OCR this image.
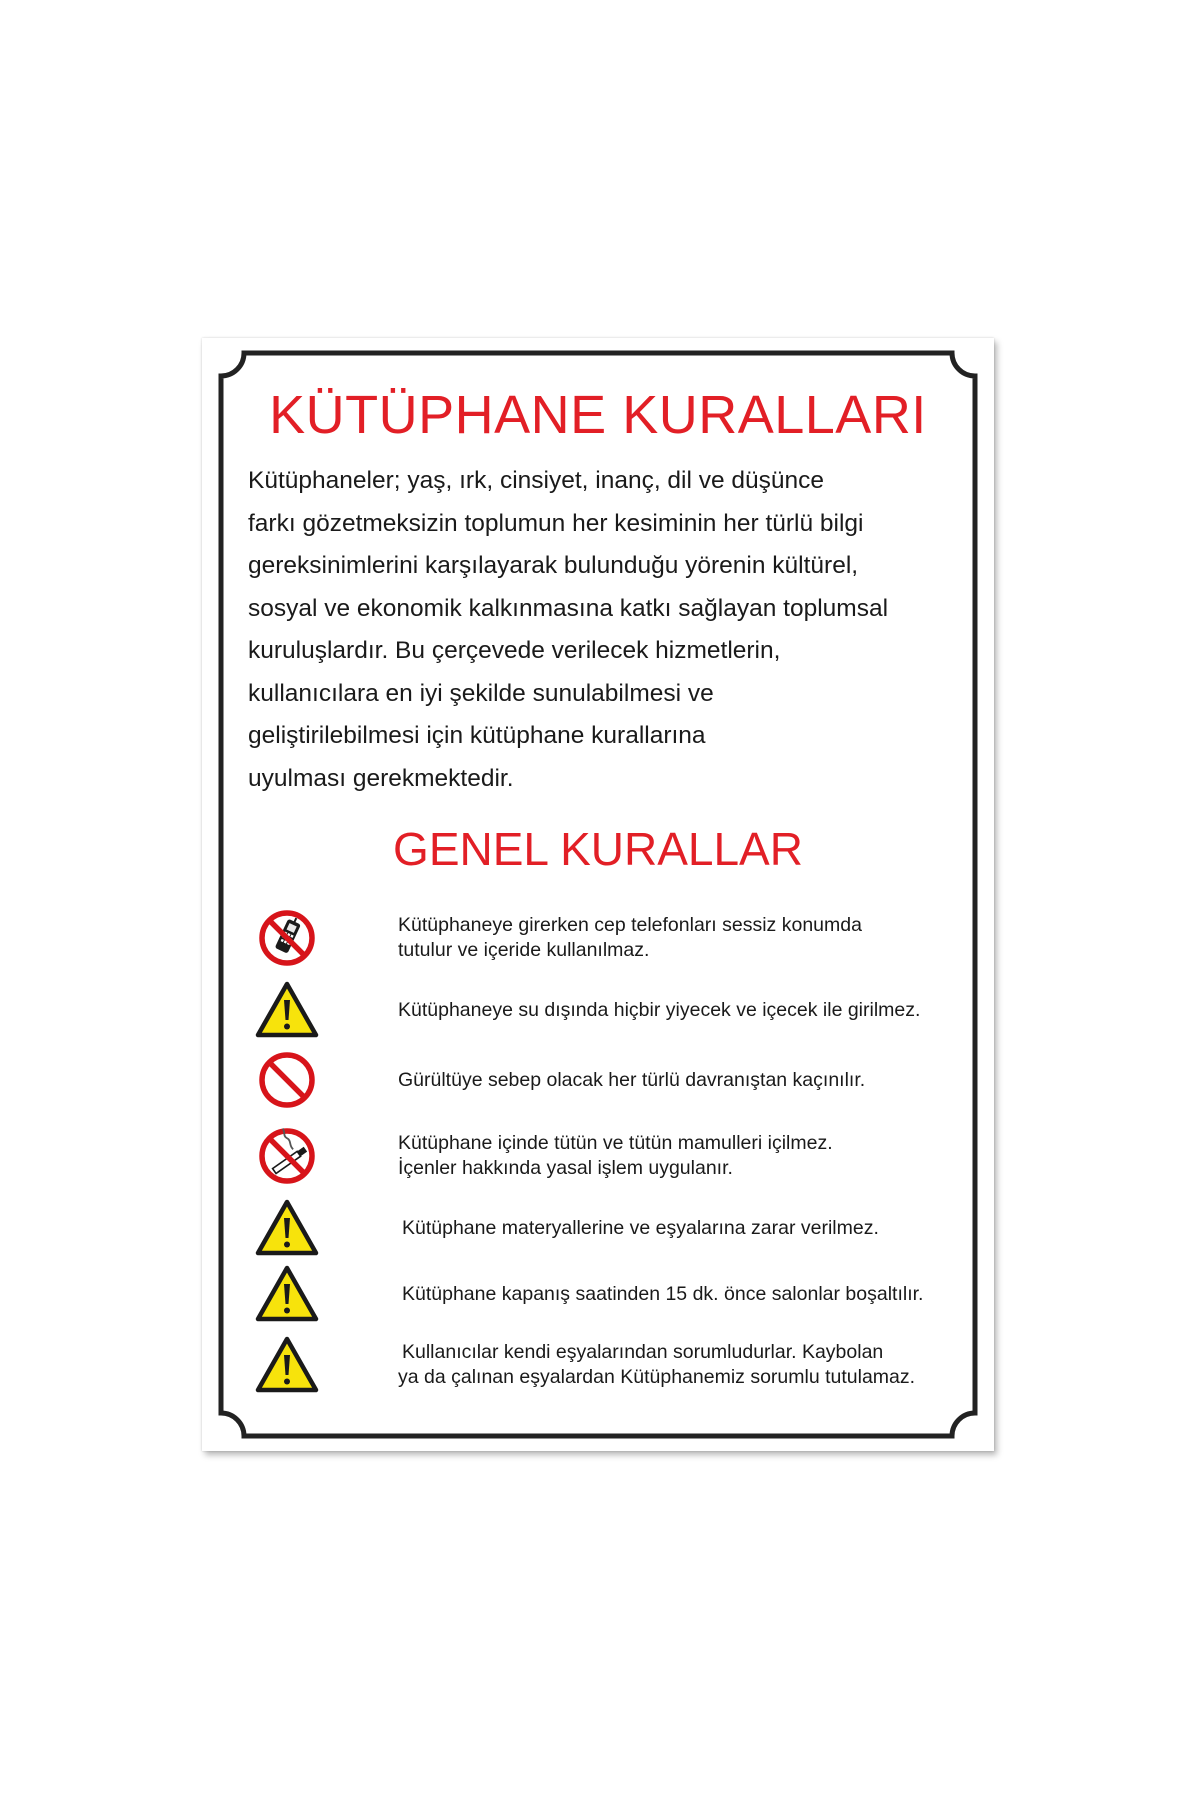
KÜTÜPHANE KURALLARI

Kütüphaneler; yaş, ırk, cinsiyet, inanç, dil ve düşünce
farkı gözetmeksizin toplumun her kesiminin her türlü bilgi
gereksinimlerini karşılayarak bulunduğu yörenin kültürel,
sosyal ve ekonomik kalkınmasına katkı sağlayan toplumsal
kuruluşlardır. Bu çerçevede verilecek hizmetlerin,
kullanıcılara en iyi şekilde sunulabilmesi ve
geliştirilebilmesi için kütüphane kurallarına
uyulması gerekmektedir.

GENEL KURALLAR
Kütüphaneye girerken cep telefonları sessiz konumda
tutulur ve içeride kullanılmaz.
Kütüphaneye su dışında hiçbir yiyecek ve içecek ile girilmez.
Gürültüye sebep olacak her türlü davranıştan kaçınılır.
Kütüphane içinde tütün ve tütün mamulleri içilmez.
İçenler hakkında yasal işlem uygulanır.
Kütüphane materyallerine ve eşyalarına zarar verilmez.
Kütüphane kapanış saatinden 15 dk. önce salonlar boşaltılır.
Kullanıcılar kendi eşyalarından sorumludurlar. Kaybolan
ya da çalınan eşyalardan Kütüphanemiz sorumlu tutulamaz.
